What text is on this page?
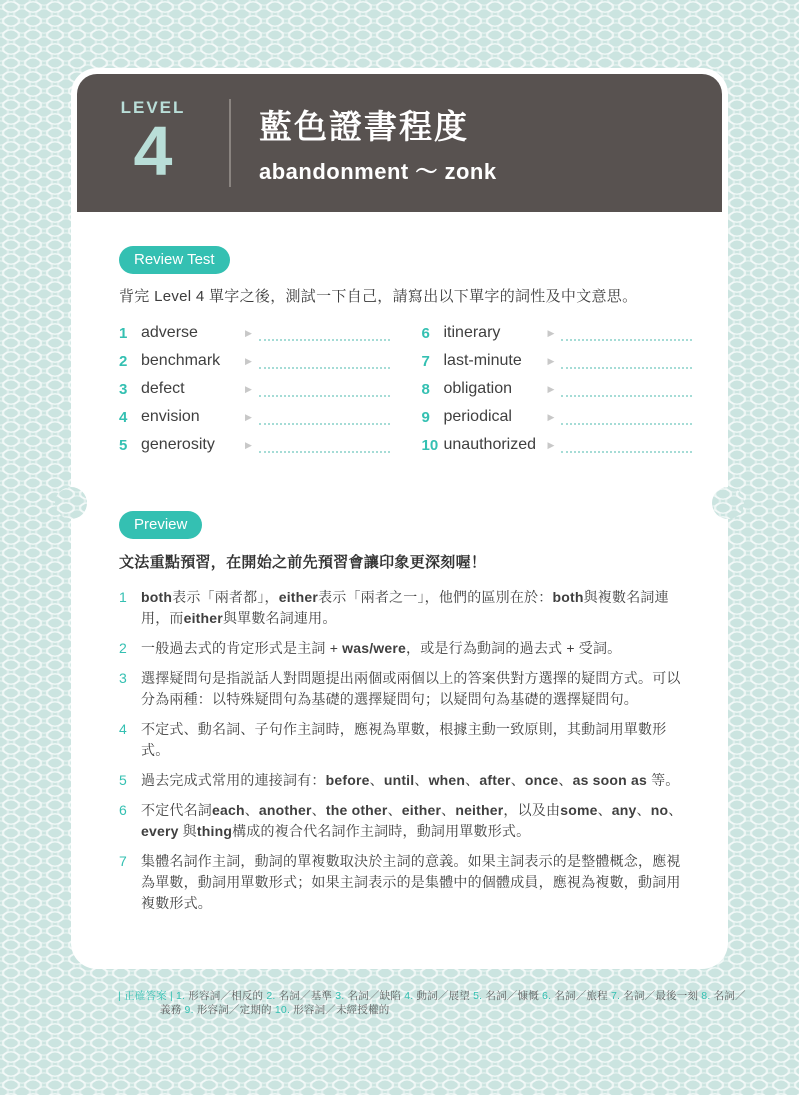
LEVEL
4	藍色證書程度
abandonment ～ zonk
Review Test
背完 Level 4 單字之後，測試一下自己，請寫出以下單字的詞性及中文意思。
1 adverse	▶	6 itinerary	▶
2 benchmark	▶	7 last-minute	▶
3 defect	▶	8 obligation	▶
4 envision	▶	9 periodical	▶
5 generosity	▶	10 unauthorized	▶
Preview
文法重點預習，在開始之前先預習會讓印象更深刻喔！
1	both表示「兩者都」，either表示「兩者之一」，他們的區別在於：both與複數名詞連用，而either與單數名詞連用。
2	一般過去式的肯定形式是主詞 + was/were，或是行為動詞的過去式 + 受詞。
3	選擇疑問句是指説話人對問題提出兩個或兩個以上的答案供對方選擇的疑問方式。可以分為兩種：以特殊疑問句為基礎的選擇疑問句；以疑問句為基礎的選擇疑問句。
4	不定式、動名詞、子句作主詞時，應視為單數，根據主動一致原則，其動詞用單數形式。
5	過去完成式常用的連接詞有：before、until、when、after、once、as soon as 等。
6	不定代名詞each、another、the other、either、neither，以及由some、any、no、every 與thing構成的複合代名詞作主詞時，動詞用單數形式。
7	集體名詞作主詞，動詞的單複數取決於主詞的意義。如果主詞表示的是整體概念，應視為單數，動詞用單數形式；如果主詞表示的是集體中的個體成員，應視為複數，動詞用複數形式。
| 正確答案 | 1. 形容詞／相反的 2. 名詞／基準 3. 名詞／缺陷 4. 動詞／展望 5. 名詞／慷慨 6. 名詞／旅程 7. 名詞／最後一刻 8. 名詞／義務 9. 形容詞／定期的 10. 形容詞／未經授權的
